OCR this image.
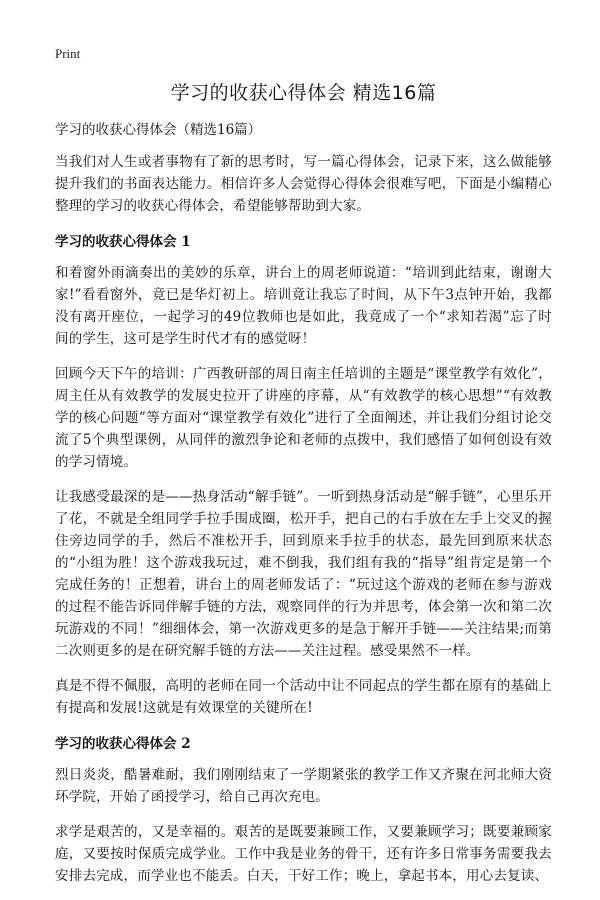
Print
学习的收获心得体会 精选16篇
学习的收获心得体会（精选16篇）

当我们对人生或者事物有了新的思考时，写一篇心得体会，记录下来，这么做能够提升我们的书面表达能力。相信许多人会觉得心得体会很难写吧，下面是小编精心整理的学习的收获心得体会，希望能够帮助到大家。

学习的收获心得体会 1

和着窗外雨滴奏出的美妙的乐章，讲台上的周老师说道：“培训到此结束，谢谢大家!”看看窗外，竟已是华灯初上。培训竟让我忘了时间，从下午3点钟开始，我都没有离开座位，一起学习的49位教师也是如此，我竟成了一个“求知若渴”忘了时间的学生，这可是学生时代才有的感觉呀！

回顾今天下午的培训：广西教研部的周日南主任培训的主题是“课堂教学有效化”，周主任从有效教学的发展史拉开了讲座的序幕，从“有效教学的核心思想”“有效教学的核心问题”等方面对“课堂教学有效化”进行了全面阐述，并让我们分组讨论交流了5个典型课例，从同伴的激烈争论和老师的点拨中，我们感悟了如何创设有效的学习情境。

让我感受最深的是——热身活动“解手链”。一听到热身活动是“解手链”，心里乐开了花，不就是全组同学手拉手围成圈，松开手，把自己的右手放在左手上交叉的握住旁边同学的手，然后不准松开手，回到原来手拉手的状态，最先回到原来状态的“小组为胜！这个游戏我玩过，难不倒我，我们组有我的“指导”组肯定是第一个完成任务的！正想着，讲台上的周老师发话了：“玩过这个游戏的老师在参与游戏的过程不能告诉同伴解手链的方法，观察同伴的行为并思考，体会第一次和第二次玩游戏的不同！”细细体会，第一次游戏更多的是急于解开手链——关注结果;而第二次则更多的是在研究解手链的方法——关注过程。感受果然不一样。

真是不得不佩服，高明的老师在同一个活动中让不同起点的学生都在原有的基础上有提高和发展!这就是有效课堂的关键所在!

学习的收获心得体会 2

烈日炎炎，酷暑难耐，我们刚刚结束了一学期紧张的教学工作又齐聚在河北师大资环学院，开始了函授学习，给自己再次充电。

求学是艰苦的，又是幸福的。艰苦的是既要兼顾工作，又要兼顾学习；既要兼顾家庭，又要按时保质完成学业。工作中我是业务的骨干，还有许多日常事务需要我去安排去完成，而学业也不能丢。白天，干好工作；晚上，拿起书本，用心去复读、
